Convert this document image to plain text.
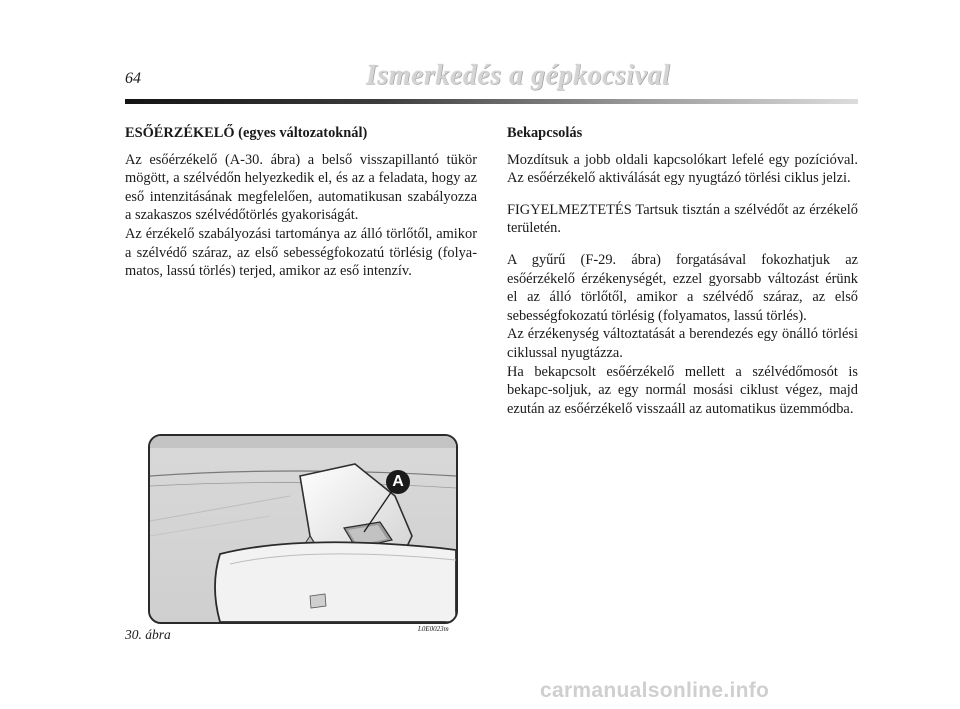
64	Ismerkedés a gépkocsival

ESŐÉRZÉKELŐ (egyes változatoknál)

Az esőérzékelő (A-30. ábra) a belső visszapillantó tükör mögött, a szélvédőn helyezkedik el, és az a feladata, hogy az eső intenzitásának megfelelően, automatikusan szabályozza a szakaszos szélvédőtörlés gyakoriságát.

Az érzékelő szabályozási tartománya az álló törlőtől, amikor a szélvédő száraz, az első sebességfokozatú törlésig (folya-matos, lassú törlés) terjed, amikor az eső intenzív.

Bekapcsolás

Mozdítsuk a jobb oldali kapcsolókart lefelé egy pozícióval. Az esőérzékelő aktiválását egy nyugtázó törlési ciklus jelzi.

FIGYELMEZTETÉS Tartsuk tisztán a szélvédőt az érzékelő területén.

A gyűrű (F-29. ábra) forgatásával fokozhatjuk az esőérzékelő érzékenységét, ezzel gyorsabb változást érünk el az álló törlőtől, amikor a szélvédő száraz, az első sebességfokozatú törlésig (folyamatos, lassú törlés).

Az érzékenység változtatását a berendezés egy önálló törlési ciklussal nyugtázza.

Ha bekapcsolt esőérzékelő mellett a szélvédőmosót is bekapc-soljuk, az egy normál mosási ciklust végez, majd ezután az esőérzékelő visszaáll az automatikus üzemmódba.

A
30. ábra	L0E0023m
carmanualsonline.info
